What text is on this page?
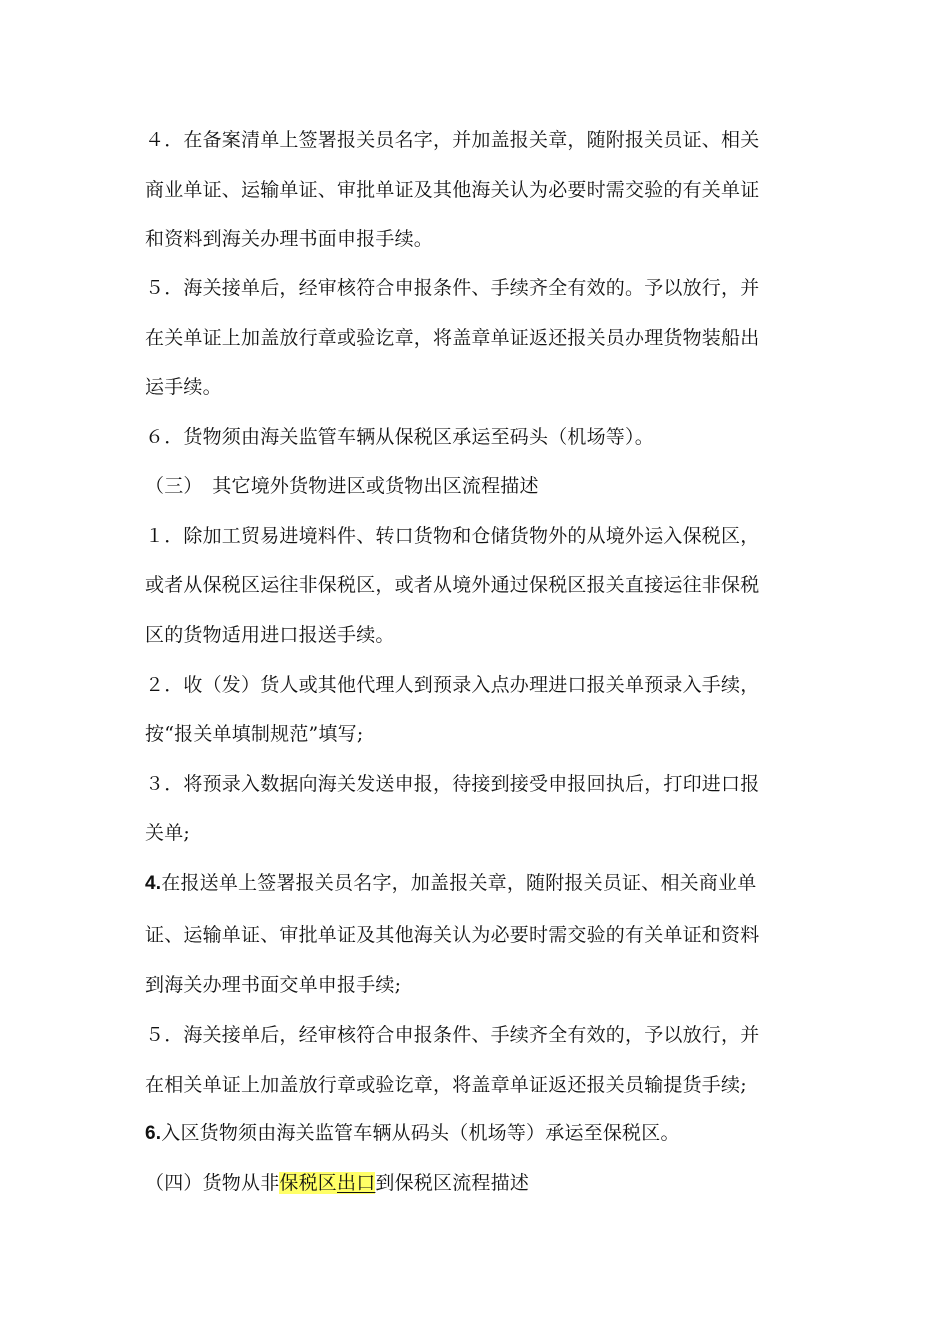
４．在备案清单上签署报关员名字，并加盖报关章，随附报关员证、相关
商业单证、运输单证、审批单证及其他海关认为必要时需交验的有关单证
和资料到海关办理书面申报手续。
５．海关接单后，经审核符合申报条件、手续齐全有效的。予以放行，并
在关单证上加盖放行章或验讫章，将盖章单证返还报关员办理货物装船出
运手续。
６．货物须由海关监管车辆从保税区承运至码头（机场等）。
（三）　其它境外货物进区或货物出区流程描述
１．除加工贸易进境料件、转口货物和仓储货物外的从境外运入保税区，
或者从保税区运往非保税区，或者从境外通过保税区报关直接运往非保税
区的货物适用进口报送手续。
２．收（发）货人或其他代理人到预录入点办理进口报关单预录入手续，
按“报关单填制规范”填写;
３．将预录入数据向海关发送申报，待接到接受申报回执后，打印进口报
关单;
4.在报送单上签署报关员名字，加盖报关章，随附报关员证、相关商业单
证、运输单证、审批单证及其他海关认为必要时需交验的有关单证和资料
到海关办理书面交单申报手续;
５．海关接单后，经审核符合申报条件、手续齐全有效的，予以放行，并
在相关单证上加盖放行章或验讫章，将盖章单证返还报关员输提货手续;
6.入区货物须由海关监管车辆从码头（机场等）承运至保税区。
（四）货物从非保税区出口到保税区流程描述
